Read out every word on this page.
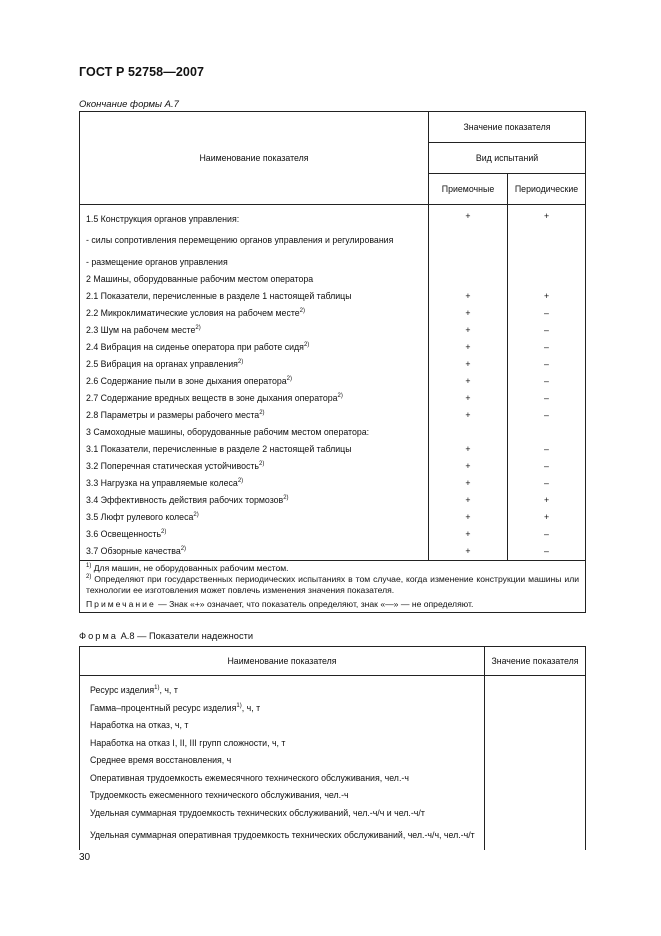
ГОСТ Р 52758—2007
Окончание формы А.7
Наименование показателя	Значение показателя	
	Вид испытаний	
	Приемочные	Периодические
1.5 Конструкция органов управления:	+	+
- силы сопротивления перемещению органов управления и регулирования		
- размещение органов управления		
2 Машины, оборудованные рабочим местом оператора		
2.1 Показатели, перечисленные в разделе 1 настоящей таблицы	+	+
2.2 Микроклиматические условия на рабочем месте$^{2)}$	+	–
2.3 Шум на рабочем месте$^{2)}$	+	–
2.4 Вибрация на сиденье оператора при работе сидя$^{2)}$	+	–
2.5 Вибрация на органах управления$^{2)}$	+	–
2.6 Содержание пыли в зоне дыхания оператора$^{2)}$	+	–
2.7 Содержание вредных веществ в зоне дыхания оператора$^{2)}$	+	–
2.8 Параметры и размеры рабочего места$^{2)}$	+	–
3 Самоходные машины, оборудованные рабочим местом оператора:		
3.1 Показатели, перечисленные в разделе 2 настоящей таблицы	+	–
3.2 Поперечная статическая устойчивость$^{2)}$	+	–
3.3 Нагрузка на управляемые колеса$^{2)}$	+	–
3.4 Эффективность действия рабочих тормозов$^{2)}$	+	+
3.5 Люфт рулевого колеса$^{2)}$	+	+
3.6 Освещенность$^{2)}$	+	–
3.7 Обзорные качества$^{2)}$	+	–

$^{1)}$ Для машин, не оборудованных рабочим местом.

$^{2)}$ Определяют при государственных периодических испытаниях в том случае, когда изменение конструкции машины или технологии ее изготовления может повлечь изменения значения показателя.

Примечание — Знак «+» означает, что показатель определяют, знак «—» — не определяют.		

Форма А.8 — Показатели надежности
Наименование показателя	Значение показателя
Ресурс изделия$^{1)}$, ч, т	
Гамма–процентный ресурс изделия$^{1)}$, ч, т	
Наработка на отказ, ч, т	
Наработка на отказ I, II, III групп сложности, ч, т	
Среднее время восстановления, ч	
Оперативная трудоемкость ежемесячного технического обслуживания, чел.-ч	
Трудоемкость ежесменного технического обслуживания, чел.-ч	
Удельная суммарная трудоемкость технических обслуживаний, чел.-ч/ч и чел.-ч/т	
Удельная суммарная оперативная трудоемкость технических обслуживаний, чел.-ч/ч, чел.-ч/т	
30
